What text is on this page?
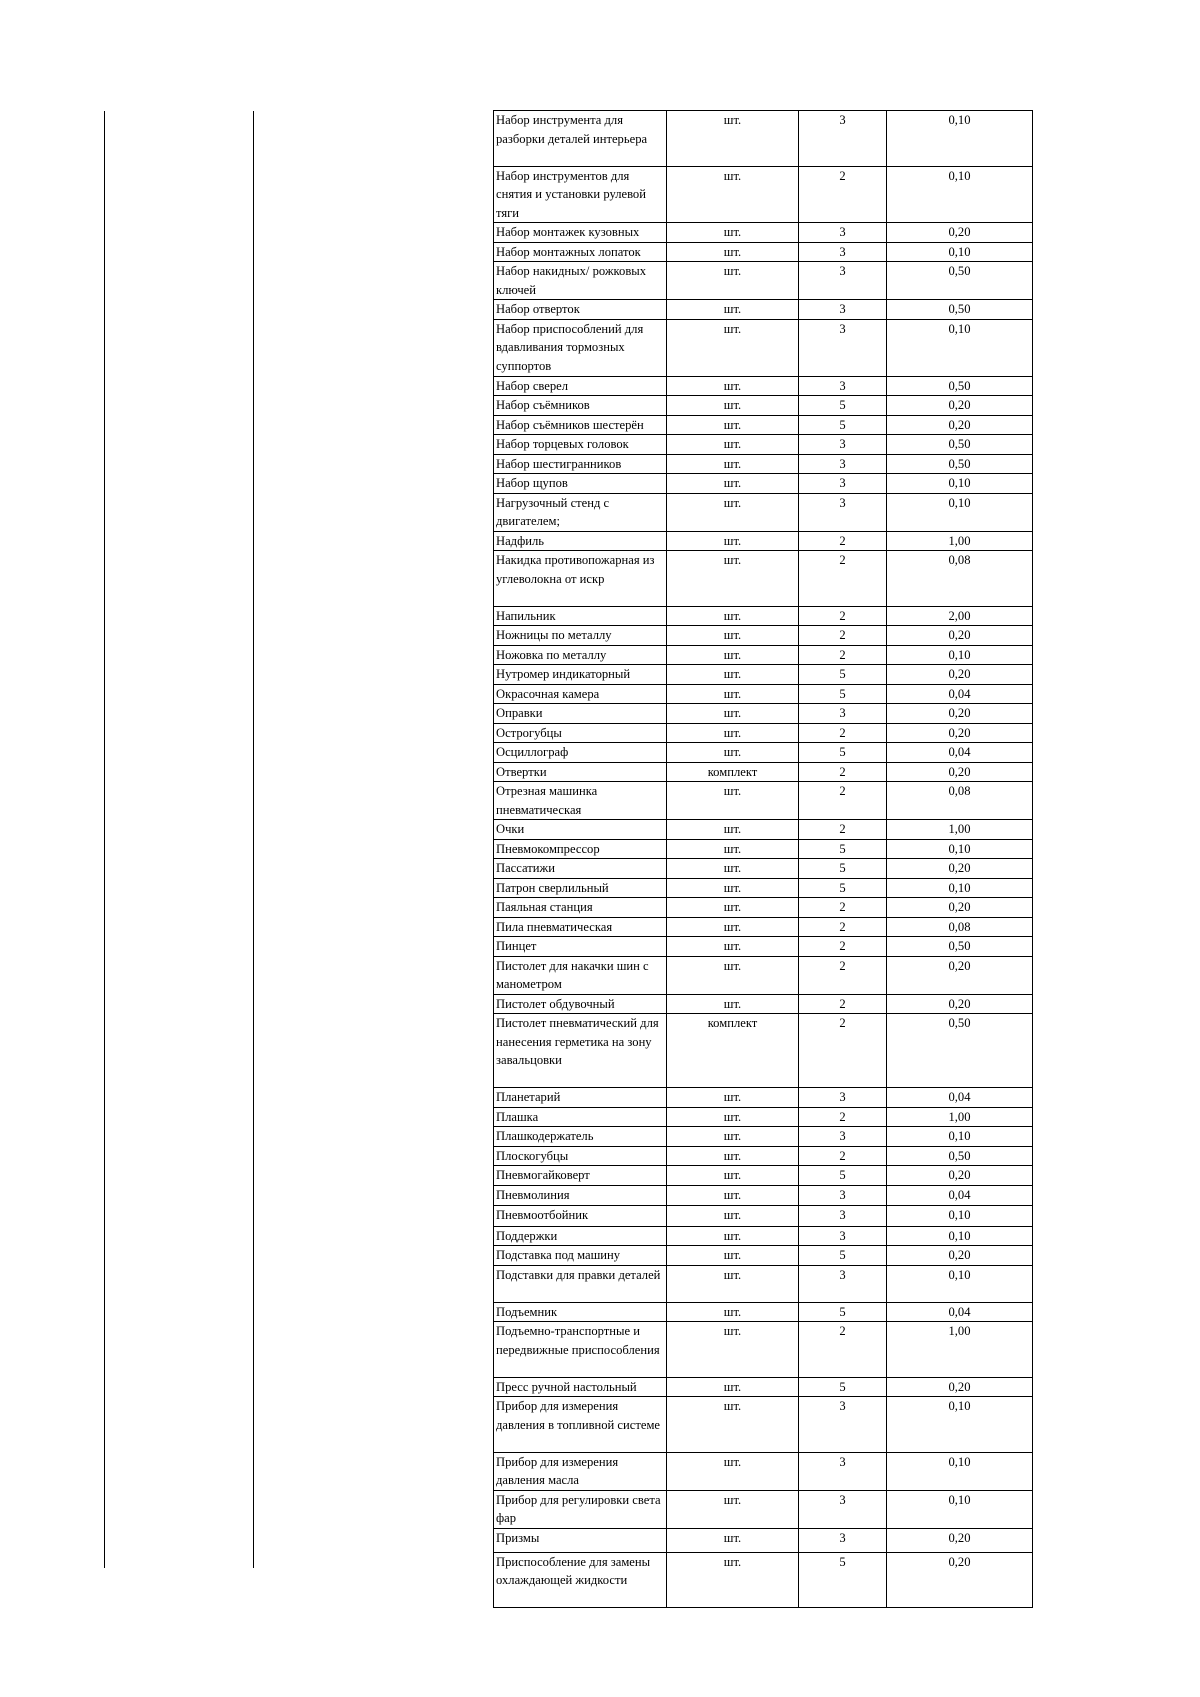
Набор инструмента для разборки деталей интерьера	шт.	3	0,10
Набор инструментов для снятия и установки рулевой тяги	шт.	2	0,10
Набор монтажек кузовных	шт.	3	0,20
Набор монтажных лопаток	шт.	3	0,10
Набор накидных/ рожковых ключей	шт.	3	0,50
Набор отверток	шт.	3	0,50
Набор приспособлений для вдавливания тормозных суппортов	шт.	3	0,10
Набор сверел	шт.	3	0,50
Набор съёмников	шт.	5	0,20
Набор съёмников шестерён	шт.	5	0,20
Набор торцевых головок	шт.	3	0,50
Набор шестигранников	шт.	3	0,50
Набор щупов	шт.	3	0,10
Нагрузочный стенд с двигателем;	шт.	3	0,10
Надфиль	шт.	2	1,00
Накидка противопожарная из углеволокна от искр	шт.	2	0,08
Напильник	шт.	2	2,00
Ножницы по металлу	шт.	2	0,20
Ножовка по металлу	шт.	2	0,10
Нутромер индикаторный	шт.	5	0,20
Окрасочная камера	шт.	5	0,04
Оправки	шт.	3	0,20
Острогубцы	шт.	2	0,20
Осциллограф	шт.	5	0,04
Отвертки	комплект	2	0,20
Отрезная машинка пневматическая	шт.	2	0,08
Очки	шт.	2	1,00
Пневмокомпрессор	шт.	5	0,10
Пассатижи	шт.	5	0,20
Патрон сверлильный	шт.	5	0,10
Паяльная станция	шт.	2	0,20
Пила пневматическая	шт.	2	0,08
Пинцет	шт.	2	0,50
Пистолет для накачки шин с манометром	шт.	2	0,20
Пистолет обдувочный	шт.	2	0,20
Пистолет пневматический для нанесения герметика на зону завальцовки	комплект	2	0,50
Планетарий	шт.	3	0,04
Плашка	шт.	2	1,00
Плашкодержатель	шт.	3	0,10
Плоскогубцы	шт.	2	0,50
Пневмогайковерт	шт.	5	0,20
Пневмолиния	шт.	3	0,04
Пневмоотбойник	шт.	3	0,10
Поддержки	шт.	3	0,10
Подставка под машину	шт.	5	0,20
Подставки для правки деталей	шт.	3	0,10
Подъемник	шт.	5	0,04
Подъемно-транспортные и передвижные приспособления	шт.	2	1,00
Пресс ручной настольный	шт.	5	0,20
Прибор для измерения давления в топливной системе	шт.	3	0,10
Прибор для измерения давления масла	шт.	3	0,10
Прибор для регулировки света фар	шт.	3	0,10
Призмы	шт.	3	0,20
Приспособление для замены охлаждающей жидкости	шт.	5	0,20
